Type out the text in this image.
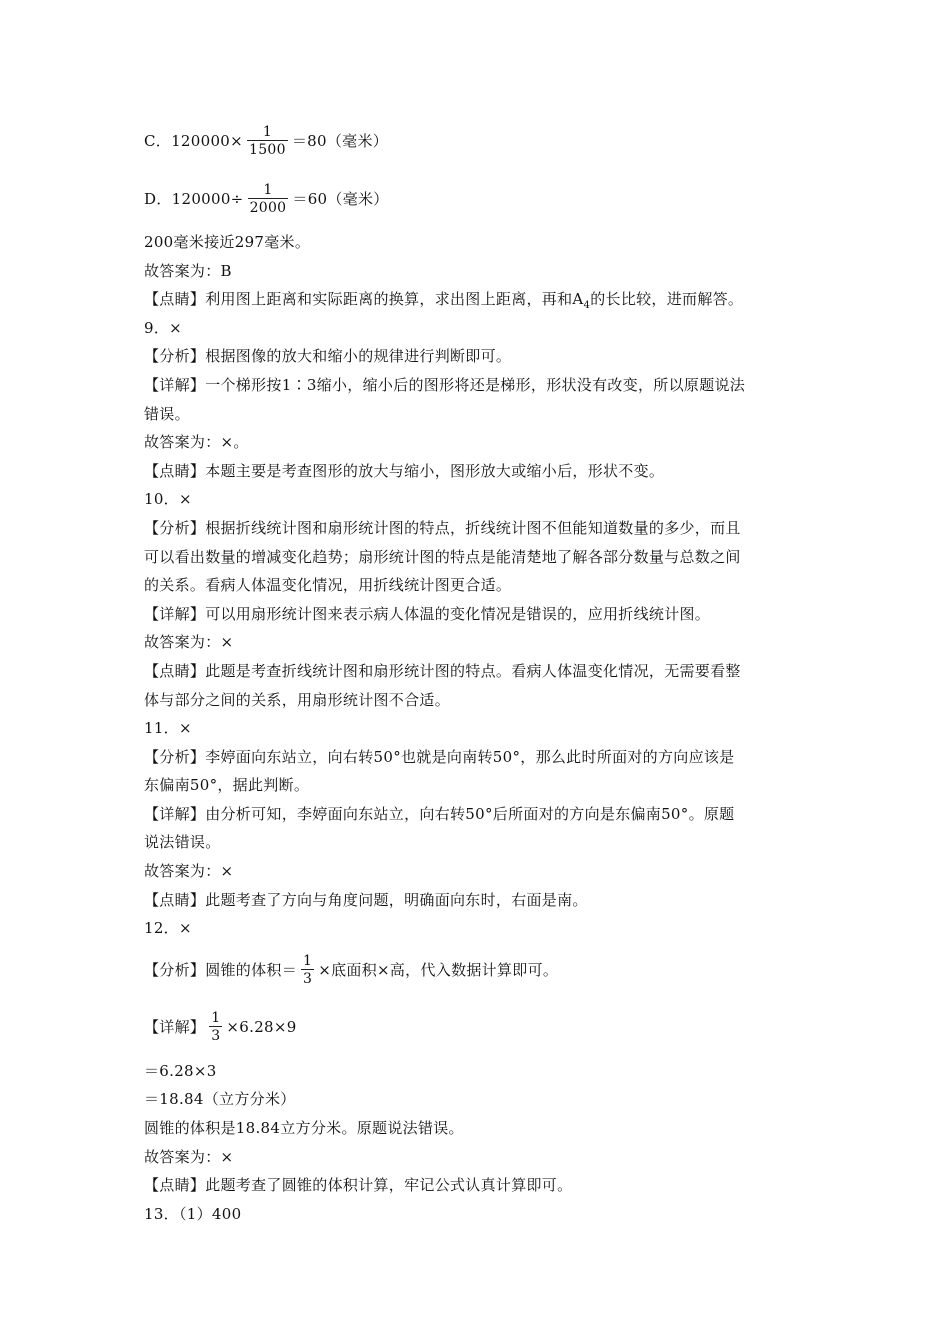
C．$120000\times \frac{1}{1500} =80$（毫米）
D．$120000\div \frac{1}{2000} =60$（毫米）
200毫米接近297毫米。
故答案为：B
【点睛】利用图上距离和实际距离的换算，求出图上距离，再和$A_4$的长比较，进而解答。
9．×
【分析】根据图像的放大和缩小的规律进行判断即可。
【详解】一个梯形按1∶3缩小，缩小后的图形将还是梯形，形状没有改变，所以原题说法
错误。
故答案为：×。
【点睛】本题主要是考查图形的放大与缩小，图形放大或缩小后，形状不变。
10．×
【分析】根据折线统计图和扇形统计图的特点，折线统计图不但能知道数量的多少，而且
可以看出数量的增减变化趋势；扇形统计图的特点是能清楚地了解各部分数量与总数之间
的关系。看病人体温变化情况，用折线统计图更合适。
【详解】可以用扇形统计图来表示病人体温的变化情况是错误的，应用折线统计图。
故答案为：×
【点睛】此题是考查折线统计图和扇形统计图的特点。看病人体温变化情况，无需要看整
体与部分之间的关系，用扇形统计图不合适。
11．×
【分析】李婷面向东站立，向右转50°也就是向南转50°，那么此时所面对的方向应该是
东偏南50°，据此判断。
【详解】由分析可知，李婷面向东站立，向右转50°后所面对的方向是东偏南50°。原题
说法错误。
故答案为：×
【点睛】此题考查了方向与角度问题，明确面向东时，右面是南。
12．×
【分析】圆锥的体积＝ $\frac{1}{3}$ ×底面积×高，代入数据计算即可。
【详解】 $\frac{1}{3} \times 6.28\times 9$
＝6.28×3
＝18.84（立方分米）
圆锥的体积是18.84立方分米。原题说法错误。
故答案为：×
【点睛】此题考查了圆锥的体积计算，牢记公式认真计算即可。
13．（1）400
